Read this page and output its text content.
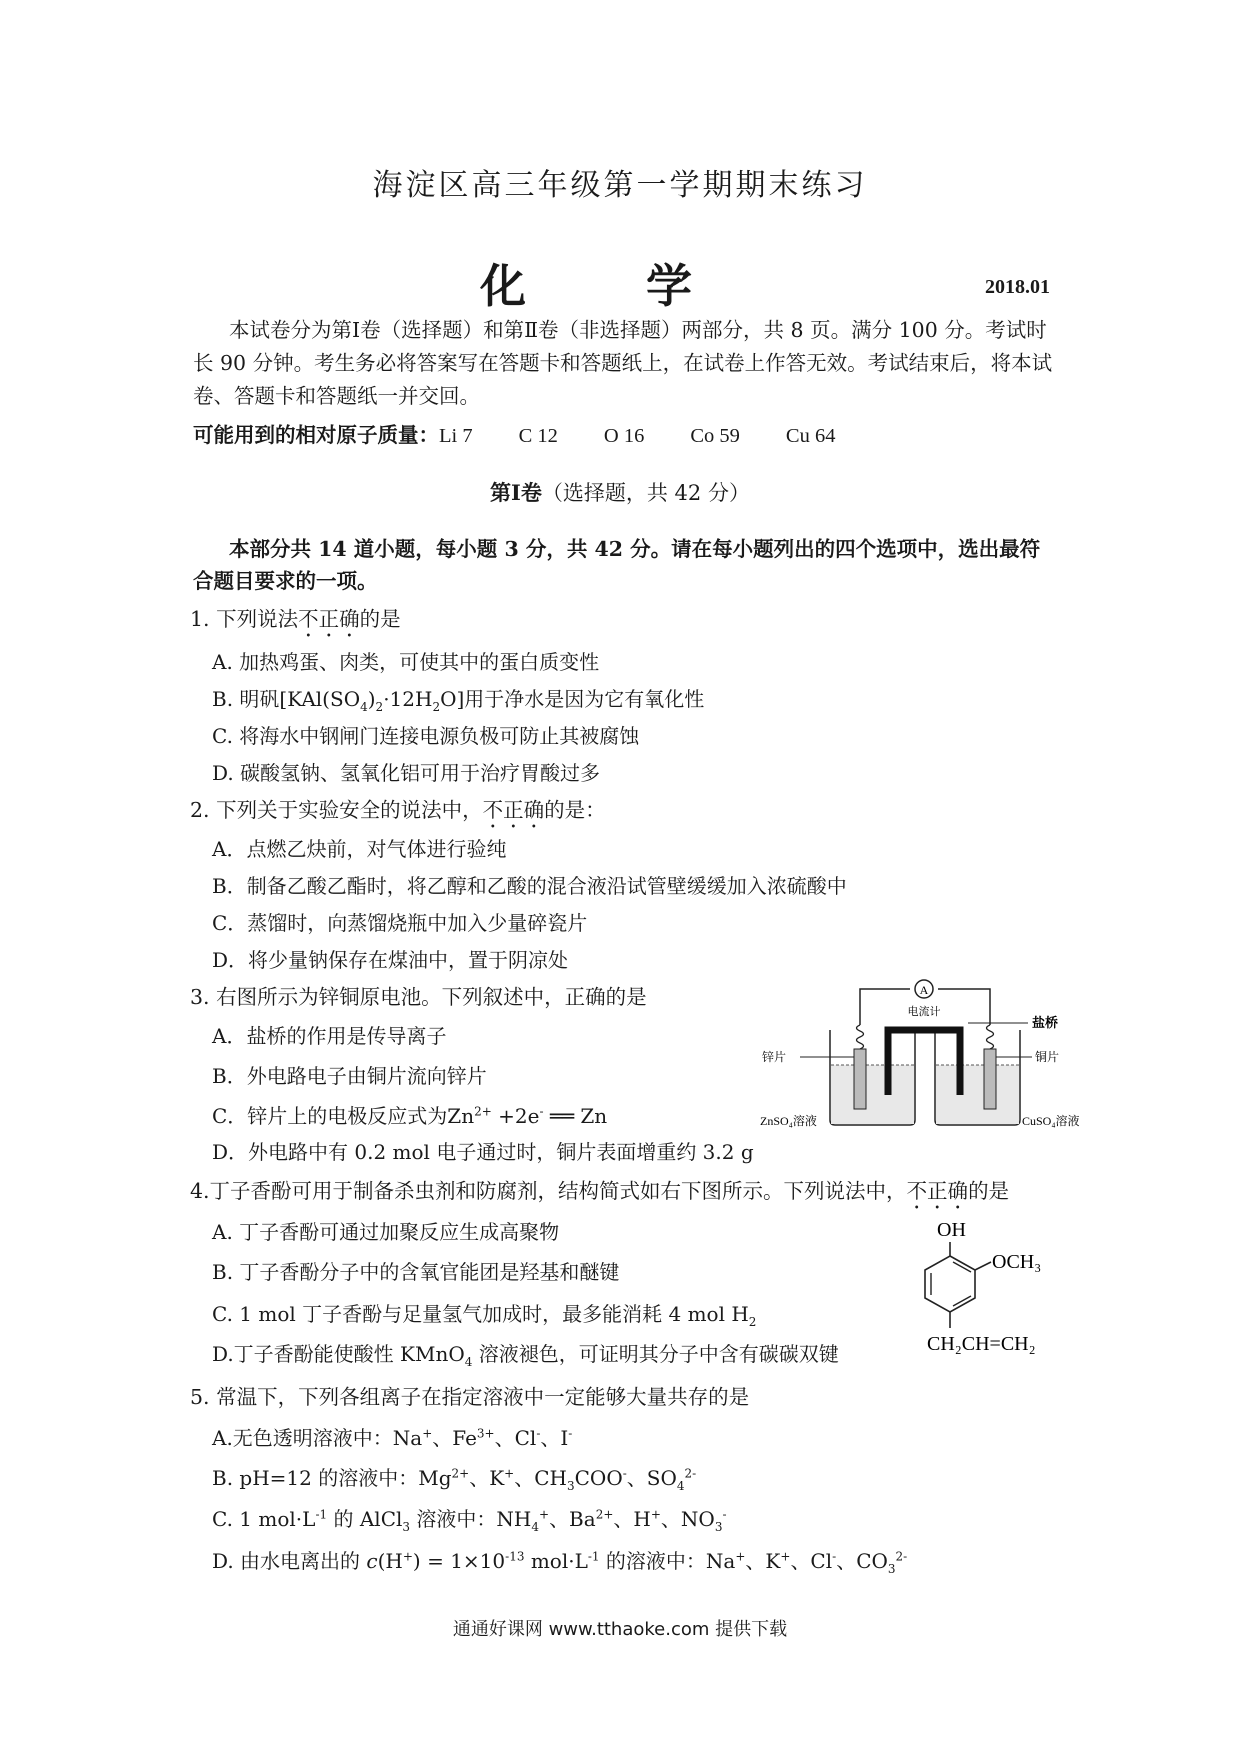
海淀区高三年级第一学期期末练习
化	学	2018.01
本试卷分为第Ⅰ卷（选择题）和第Ⅱ卷（非选择题）两部分，共 8 页。满分 100 分。考试时长 90 分钟。考生务必将答案写在答题卡和答题纸上，在试卷上作答无效。考试结束后，将本试卷、答题卡和答题纸一并交回。
可能用到的相对原子质量：Li 7 C 12 O 16 Co 59 Cu 64
第Ⅰ卷（选择题，共 42 分）
本部分共 14 道小题，每小题 3 分，共 42 分。请在每小题列出的四个选项中，选出最符合题目要求的一项。
1. 下列说法不正确的是
A. 加热鸡蛋、肉类，可使其中的蛋白质变性
B. 明矾$[KAl(SO_4)_2\cdot 12H_2O]$用于净水是因为它有氧化性
C. 将海水中钢闸门连接电源负极可防止其被腐蚀
D. 碳酸氢钠、氢氧化铝可用于治疗胃酸过多
2. 下列关于实验安全的说法中，不正确的是：
A．点燃乙炔前，对气体进行验纯
B．制备乙酸乙酯时，将乙醇和乙酸的混合液沿试管壁缓缓加入浓硫酸中
C．蒸馏时，向蒸馏烧瓶中加入少量碎瓷片
D．将少量钠保存在煤油中，置于阴凉处
3. 右图所示为锌铜原电池。下列叙述中，正确的是
A．盐桥的作用是传导离子
B．外电路电子由铜片流向锌片
C．锌片上的电极反应式为$Zn^{2+} +2e^-$ ══ Zn
D．外电路中有 0.2 mol 电子通过时，铜片表面增重约 3.2 g
A
电流计
盐桥
锌片	铜片
ZnSO₄溶液	CuSO₄溶液
4.丁子香酚可用于制备杀虫剂和防腐剂，结构简式如右下图所示。下列说法中，不正确的是
A. 丁子香酚可通过加聚反应生成高聚物
B. 丁子香酚分子中的含氧官能团是羟基和醚键
C. 1 mol 丁子香酚与足量氢气加成时，最多能消耗 4 mol $H_2$
D.丁子香酚能使酸性 KMnO$_4$ 溶液褪色，可证明其分子中含有碳碳双键
OH
OCH₃
CH₂CH=CH₂
5. 常温下，下列各组离子在指定溶液中一定能够大量共存的是
A.无色透明溶液中：Na+、$Fe^{3+}$、Cl-、I-
B. pH=12 的溶液中：$Mg^{2+}$、K+、$CH_3COO^-$、$SO_4^{2-}$
C. 1 $mol\cdot L^{-1}$ 的 AlCl$_3$ 溶液中：$NH_4^+$、$Ba^{2+}$、H+、$NO_3^-$
D. 由水电离出的 $c(H^+) = 1\times 10^{-13}$ $mol\cdot L^{-1}$ 的溶液中：Na+、K+、Cl-、$CO_3^{2-}$
通通好课网 www.tthaoke.com 提供下载
